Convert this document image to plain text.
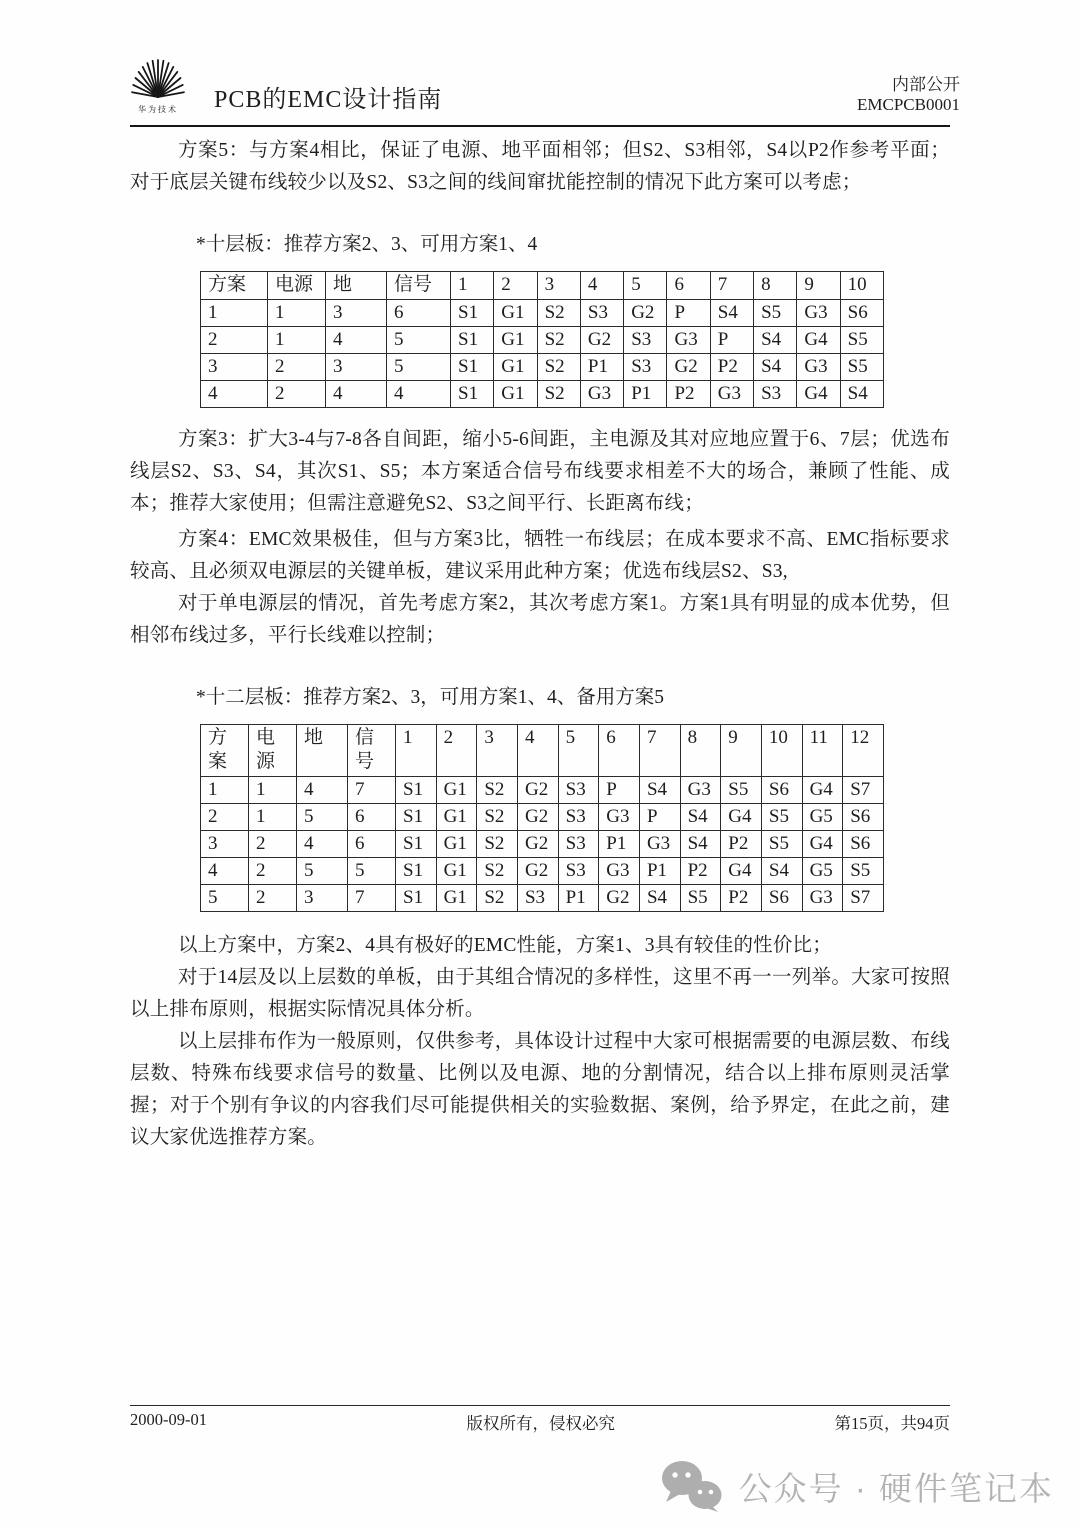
华为技术	PCB的EMC设计指南
内部公开
EMCPCB0001

方案5：与方案4相比，保证了电源、地平面相邻；但S2、S3相邻，S4以P2作参考平面；对于底层关键布线较少以及S2、S3之间的线间窜扰能控制的情况下此方案可以考虑；

*十层板：推荐方案2、3、可用方案1、4

方案	电源	地	信号	1	2	3	4	5	6	7	8	9	10
1	1	3	6	S1	G1	S2	S3	G2	P	S4	S5	G3	S6
2	1	4	5	S1	G1	S2	G2	S3	G3	P	S4	G4	S5
3	2	3	5	S1	G1	S2	P1	S3	G2	P2	S4	G3	S5
4	2	4	4	S1	G1	S2	G3	P1	P2	G3	S3	G4	S4

方案3：扩大3-4与7-8各自间距，缩小5-6间距，主电源及其对应地应置于6、7层；优选布线层S2、S3、S4，其次S1、S5；本方案适合信号布线要求相差不大的场合，兼顾了性能、成本；推荐大家使用；但需注意避免S2、S3之间平行、长距离布线；

方案4：EMC效果极佳，但与方案3比，牺牲一布线层；在成本要求不高、EMC指标要求较高、且必须双电源层的关键单板，建议采用此种方案；优选布线层S2、S3,

对于单电源层的情况，首先考虑方案2，其次考虑方案1。方案1具有明显的成本优势，但相邻布线过多，平行长线难以控制；

*十二层板：推荐方案2、3，可用方案1、4、备用方案5

方案	电源	地	信号	1	2	3	4	5	6	7	8	9	10	11	12
1	1	4	7	S1	G1	S2	G2	S3	P	S4	G3	S5	S6	G4	S7
2	1	5	6	S1	G1	S2	G2	S3	G3	P	S4	G4	S5	G5	S6
3	2	4	6	S1	G1	S2	G2	S3	P1	G3	S4	P2	S5	G4	S6
4	2	5	5	S1	G1	S2	G2	S3	G3	P1	P2	G4	S4	G5	S5
5	2	3	7	S1	G1	S2	S3	P1	G2	S4	S5	P2	S6	G3	S7

以上方案中，方案2、4具有极好的EMC性能，方案1、3具有较佳的性价比；

对于14层及以上层数的单板，由于其组合情况的多样性，这里不再一一列举。大家可按照以上排布原则，根据实际情况具体分析。

以上层排布作为一般原则，仅供参考，具体设计过程中大家可根据需要的电源层数、布线层数、特殊布线要求信号的数量、比例以及电源、地的分割情况，结合以上排布原则灵活掌握；对于个别有争议的内容我们尽可能提供相关的实验数据、案例，给予界定，在此之前，建议大家优选推荐方案。

2000-09-01	版权所有，侵权必究	第15页，共94页
公众号 · 硬件笔记本
